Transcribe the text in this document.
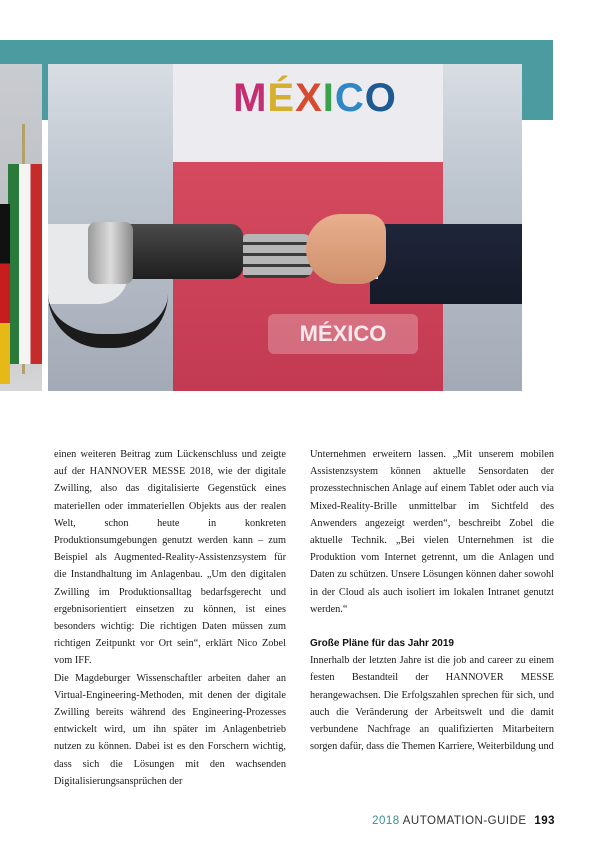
MÉXICO
MÉXICO

einen weiteren Beitrag zum Lückenschluss und zeigte auf der HANNOVER MESSE 2018, wie der digitale Zwilling, also das digitalisierte Gegenstück eines materiellen oder immateriellen Objekts aus der realen Welt, schon heute in konkreten Produktionsumgebungen genutzt werden kann – zum Beispiel als Augmented-Reality-Assistenzsystem für die Instandhaltung im Anlagenbau. „Um den digitalen Zwilling im Produktionsalltag bedarfsgerecht und ergebnisorientiert einsetzen zu können, ist eines besonders wichtig: Die richtigen Daten müssen zum richtigen Zeitpunkt vor Ort sein“, erklärt Nico Zobel vom IFF.

Die Magdeburger Wissenschaftler arbeiten daher an Virtual-Engineering-Methoden, mit denen der digitale Zwilling bereits während des Engineering-Prozesses entwickelt wird, um ihn später im Anlagenbetrieb nutzen zu können. Dabei ist es den Forschern wichtig, dass sich die Lösungen mit den wachsenden Digitalisierungsansprüchen der

Unternehmen erweitern lassen. „Mit unserem mobilen Assistenzsystem können aktuelle Sensordaten der prozesstechnischen Anlage auf einem Tablet oder auch via Mixed-Reality-Brille unmittelbar im Sichtfeld des Anwenders angezeigt werden“, beschreibt Zobel die aktuelle Technik. „Bei vielen Unternehmen ist die Produktion vom Internet getrennt, um die Anlagen und Daten zu schützen. Unsere Lösungen können daher sowohl in der Cloud als auch isoliert im lokalen Intranet genutzt werden.“

Große Pläne für das Jahr 2019

Innerhalb der letzten Jahre ist die job and career zu einem festen Bestandteil der HANNOVER MESSE herangewachsen. Die Erfolgszahlen sprechen für sich, und auch die Veränderung der Arbeitswelt und die damit verbundene Nachfrage an qualifizierten Mitarbeitern sorgen dafür, dass die Themen Karriere, Weiterbildung und

2018 AUTOMATION-GUIDE 193
